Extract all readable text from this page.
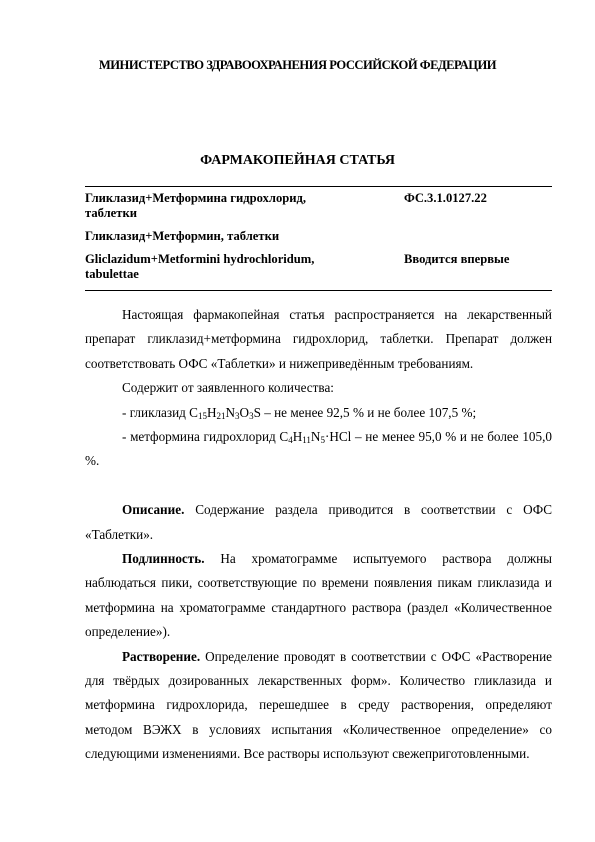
МИНИСТЕРСТВО ЗДРАВООХРАНЕНИЯ РОССИЙСКОЙ ФЕДЕРАЦИИ
ФАРМАКОПЕЙНАЯ СТАТЬЯ
Гликлазид+Метформина гидрохлорид, таблетки
ФС.3.1.0127.22
Гликлазид+Метформин, таблетки
Gliclazidum+Metformini hydrochloridum, tabulettae
Вводится впервые

Настоящая фармакопейная статья распространяется на лекарственный препарат гликлазид+метформина гидрохлорид, таблетки. Препарат должен соответствовать ОФС «Таблетки» и нижеприведённым требованиям.

Содержит от заявленного количества:

- гликлазид $C_{15}H_{21}N_3O_3S$ – не менее 92,5 % и не более 107,5 %;

- метформина гидрохлорид $C_4H_{11}N_5\cdot HCl$ – не менее 95,0 % и не более 105,0 %.

Описание. Содержание раздела приводится в соответствии с ОФС «Таблетки».

Подлинность. На хроматограмме испытуемого раствора должны наблюдаться пики, соответствующие по времени появления пикам гликлазида и метформина на хроматограмме стандартного раствора (раздел «Количественное определение»).

Растворение. Определение проводят в соответствии с ОФС «Растворение для твёрдых дозированных лекарственных форм». Количество гликлазида и метформина гидрохлорида, перешедшее в среду растворения, определяют методом ВЭЖХ в условиях испытания «Количественное определение» со следующими изменениями. Все растворы используют свежеприготовленными.
